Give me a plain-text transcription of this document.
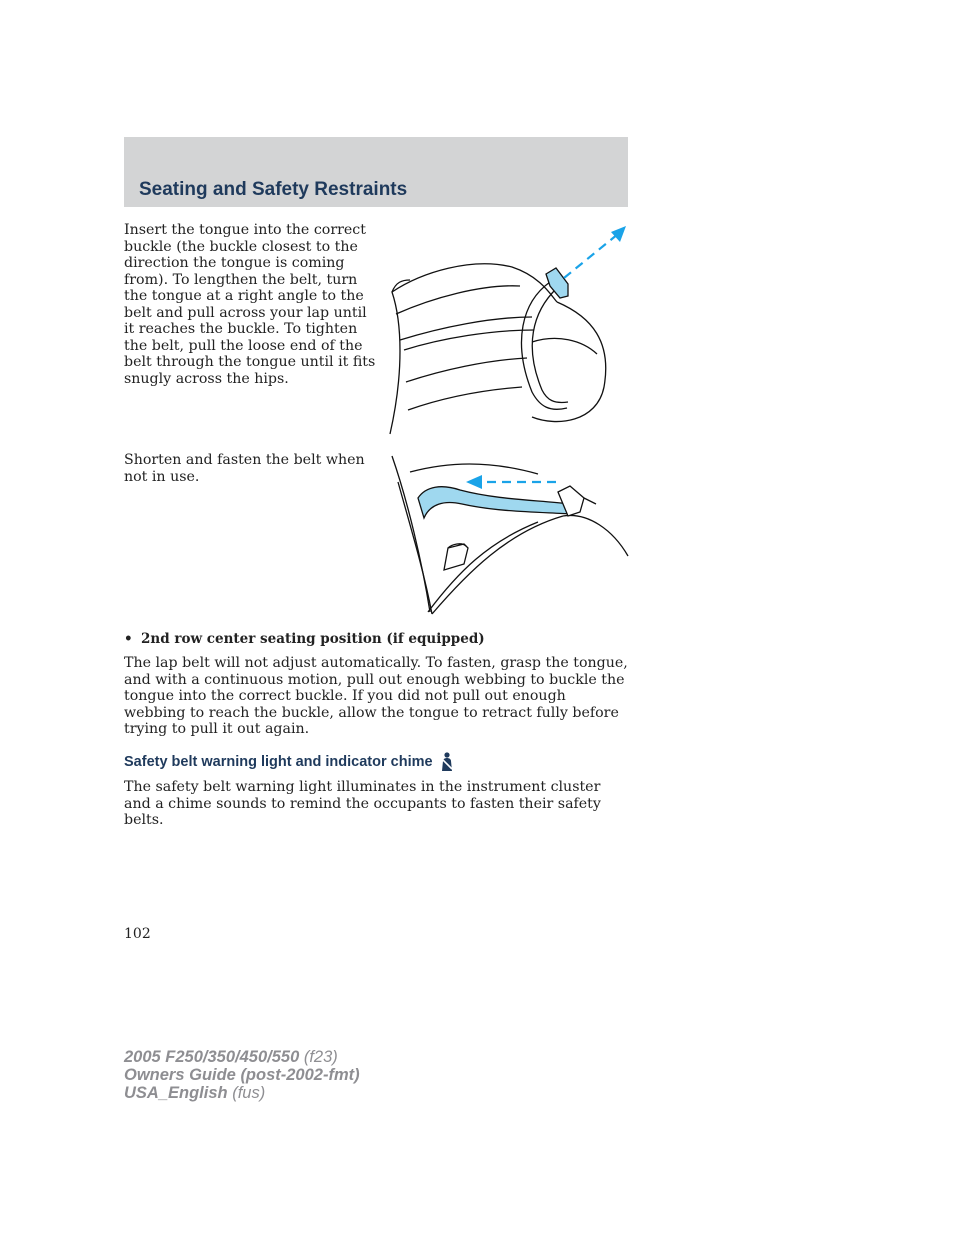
Seating and Safety Restraints

Insert the tongue into the correct buckle (the buckle closest to the direction the tongue is coming from). To lengthen the belt, turn the tongue at a right angle to the belt and pull across your lap until it reaches the buckle. To tighten the belt, pull the loose end of the belt through the tongue until it fits snugly across the hips.

Shorten and fasten the belt when not in use.

• 2nd row center seating position (if equipped)

The lap belt will not adjust automatically. To fasten, grasp the tongue, and with a continuous motion, pull out enough webbing to buckle the tongue into the correct buckle. If you did not pull out enough webbing to reach the buckle, allow the tongue to retract fully before trying to pull it out again.

Safety belt warning light and indicator chime

The safety belt warning light illuminates in the instrument cluster and a chime sounds to remind the occupants to fasten their safety belts.

102
2005 F250/350/450/550 (f23)
Owners Guide (post-2002-fmt)
USA_English (fus)
